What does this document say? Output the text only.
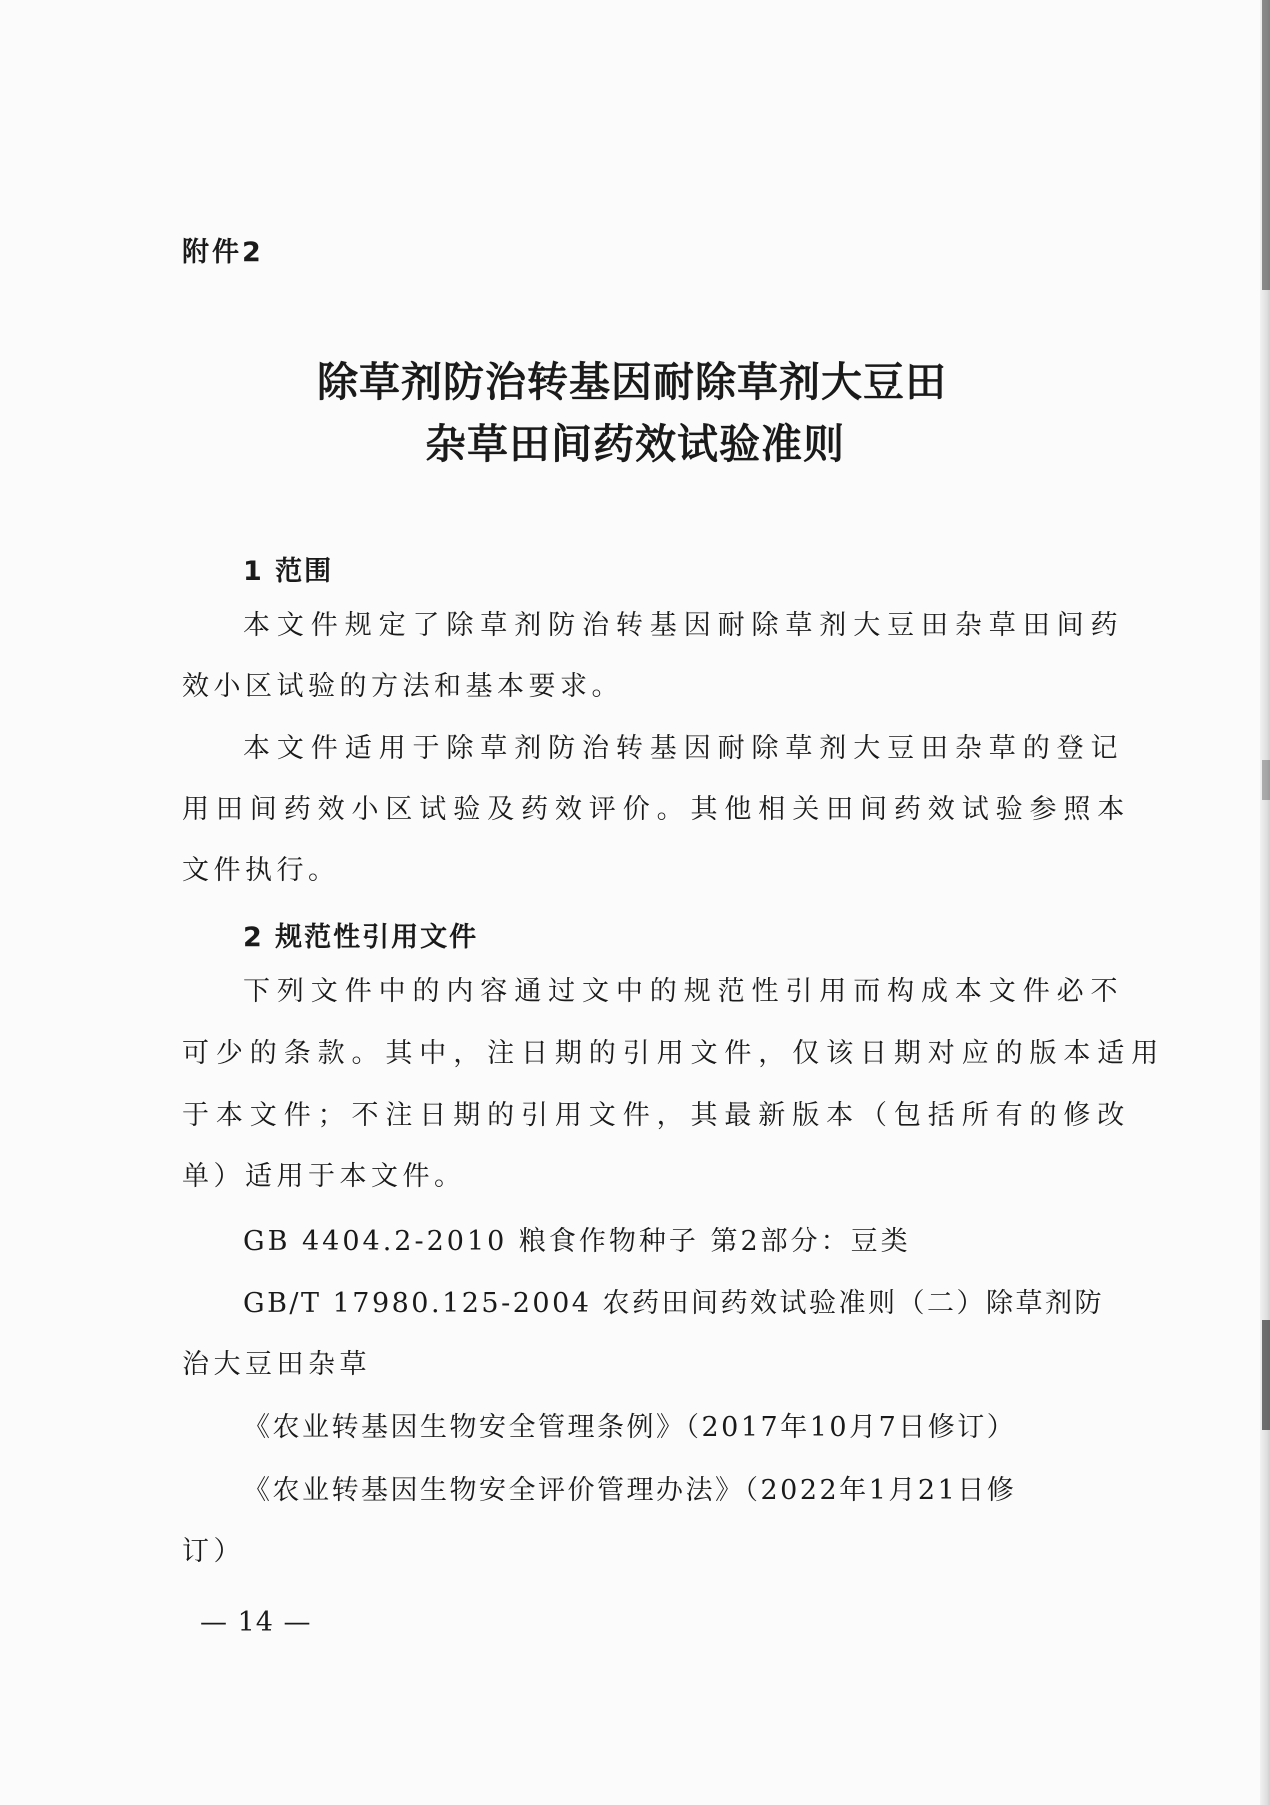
附件2
除草剂防治转基因耐除草剂大豆田
杂草田间药效试验准则
1 范围
本文件规定了除草剂防治转基因耐除草剂大豆田杂草田间药
效小区试验的方法和基本要求。
本文件适用于除草剂防治转基因耐除草剂大豆田杂草的登记
用田间药效小区试验及药效评价。其他相关田间药效试验参照本
文件执行。
2 规范性引用文件
下列文件中的内容通过文中的规范性引用而构成本文件必不
可少的条款。其中，注日期的引用文件，仅该日期对应的版本适用
于本文件；不注日期的引用文件，其最新版本（包括所有的修改
单）适用于本文件。
GB 4404.2-2010 粮食作物种子 第2部分：豆类
GB/T 17980.125-2004 农药田间药效试验准则（二）除草剂防
治大豆田杂草
《农业转基因生物安全管理条例》（2017年10月7日修订）
《农业转基因生物安全评价管理办法》（2022年1月21日修
订）
— 14 —
